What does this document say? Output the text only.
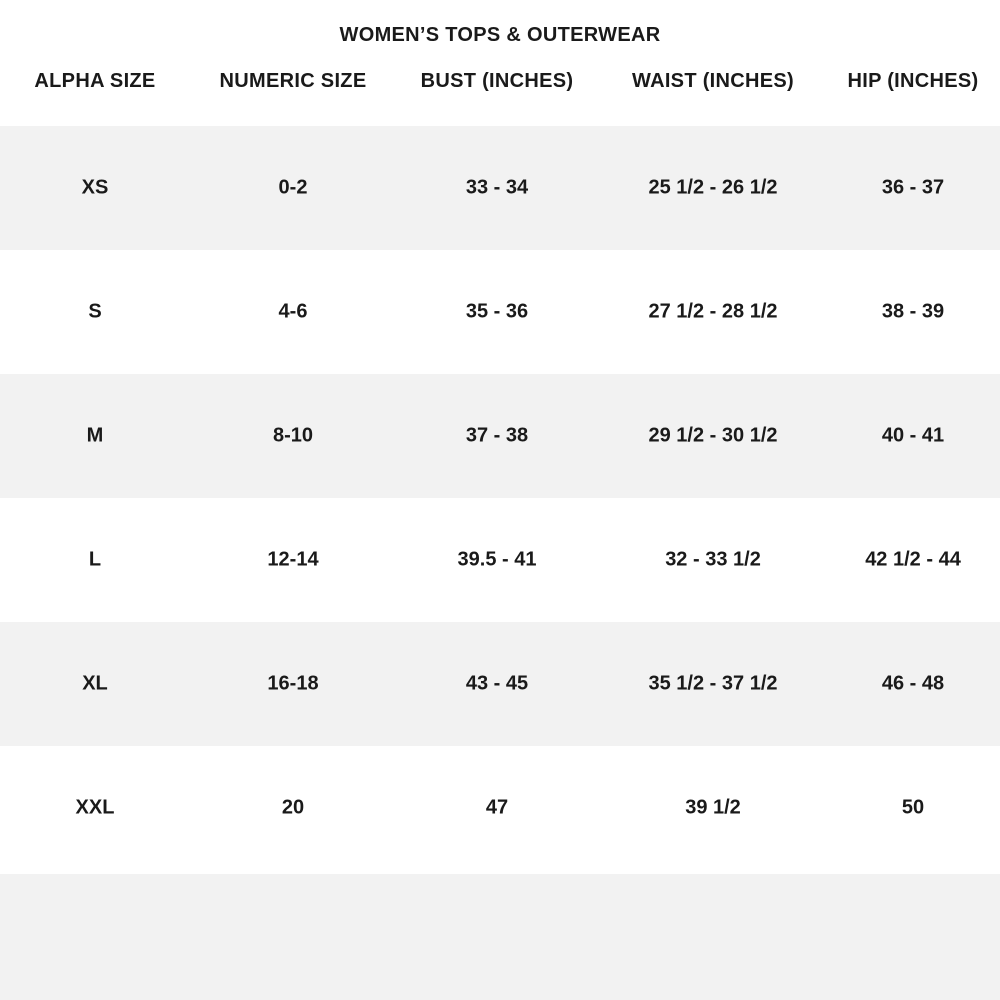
WOMEN’S TOPS & OUTERWEAR
ALPHA SIZE	NUMERIC SIZE	BUST (INCHES)	WAIST (INCHES)	HIP (INCHES)
XS	0-2	33 - 34	25 1/2 - 26 1/2	36 - 37
S	4-6	35 - 36	27 1/2 - 28 1/2	38 - 39
M	8-10	37 - 38	29 1/2 - 30 1/2	40 - 41
L	12-14	39.5 - 41	32 - 33 1/2	42 1/2 - 44
XL	16-18	43 - 45	35 1/2 - 37 1/2	46 - 48
XXL	20	47	39 1/2	50
